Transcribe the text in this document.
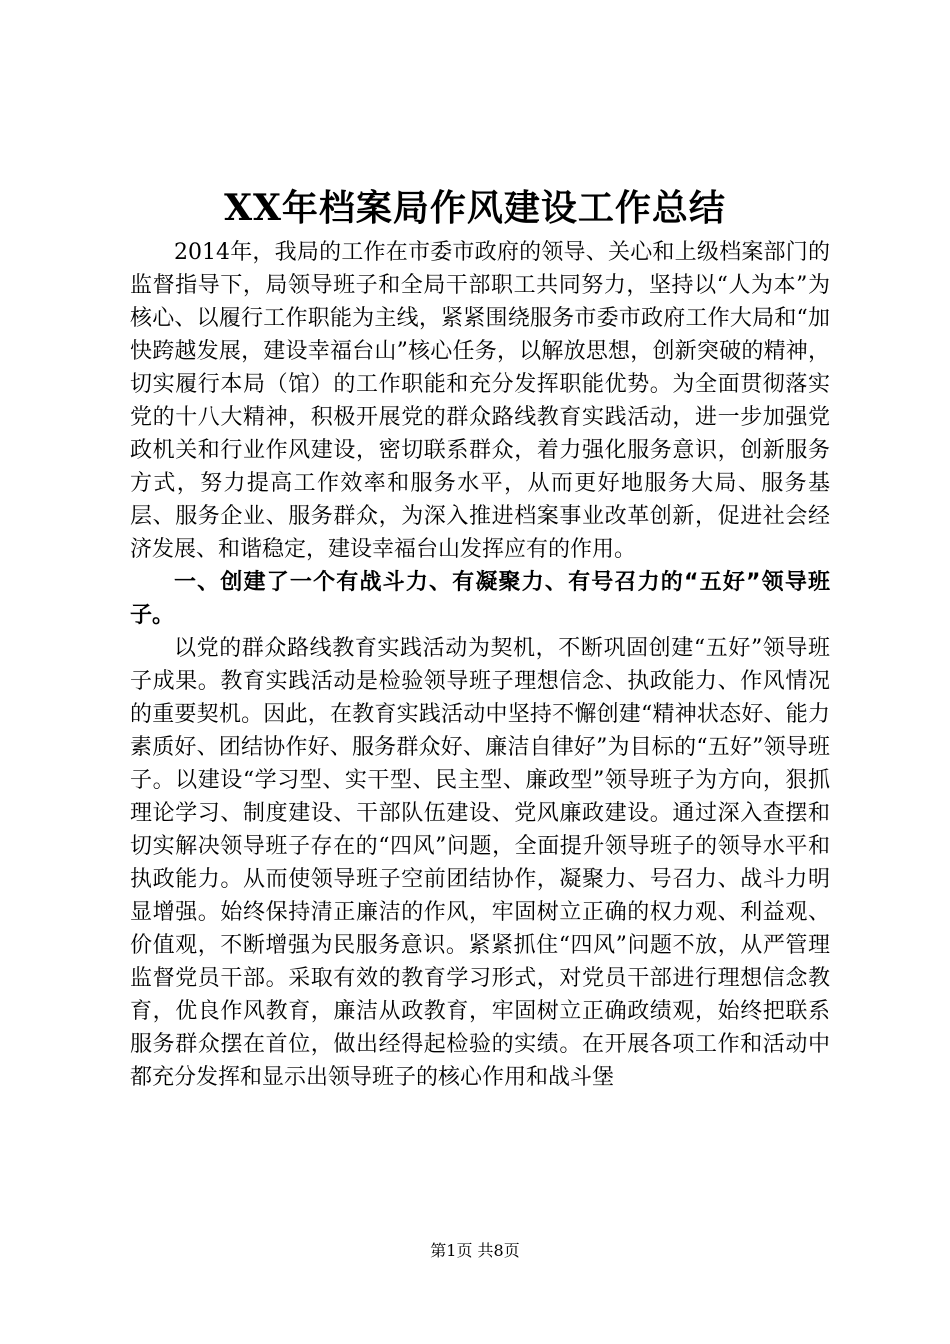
XX年档案局作风建设工作总结

2014年，我局的工作在市委市政府的领导、关心和上级档案部门的监督指导下，局领导班子和全局干部职工共同努力，坚持以“人为本”为核心、以履行工作职能为主线，紧紧围绕服务市委市政府工作大局和“加快跨越发展，建设幸福台山”核心任务，以解放思想，创新突破的精神，切实履行本局（馆）的工作职能和充分发挥职能优势。为全面贯彻落实党的十八大精神，积极开展党的群众路线教育实践活动，进一步加强党政机关和行业作风建设，密切联系群众，着力强化服务意识，创新服务方式，努力提高工作效率和服务水平，从而更好地服务大局、服务基层、服务企业、服务群众，为深入推进档案事业改革创新，促进社会经济发展、和谐稳定，建设幸福台山发挥应有的作用。

一、创建了一个有战斗力、有凝聚力、有号召力的“五好”领导班子。

以党的群众路线教育实践活动为契机，不断巩固创建“五好”领导班子成果。教育实践活动是检验领导班子理想信念、执政能力、作风情况的重要契机。因此，在教育实践活动中坚持不懈创建“精神状态好、能力素质好、团结协作好、服务群众好、廉洁自律好”为目标的“五好”领导班子。以建设“学习型、实干型、民主型、廉政型”领导班子为方向，狠抓理论学习、制度建设、干部队伍建设、党风廉政建设。通过深入查摆和切实解决领导班子存在的“四风”问题，全面提升领导班子的领导水平和执政能力。从而使领导班子空前团结协作，凝聚力、号召力、战斗力明显增强。始终保持清正廉洁的作风，牢固树立正确的权力观、利益观、价值观，不断增强为民服务意识。紧紧抓住“四风”问题不放，从严管理监督党员干部。采取有效的教育学习形式，对党员干部进行理想信念教育，优良作风教育，廉洁从政教育，牢固树立正确政绩观，始终把联系服务群众摆在首位，做出经得起检验的实绩。在开展各项工作和活动中都充分发挥和显示出领导班子的核心作用和战斗堡

第1页 共8页
